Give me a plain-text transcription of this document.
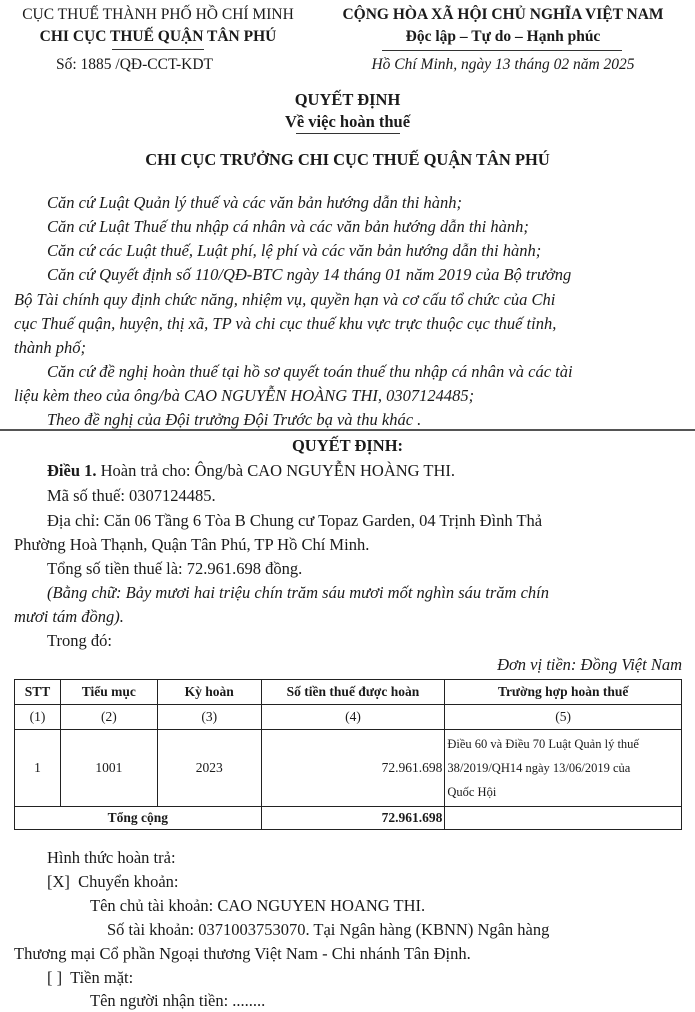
CỤC THUẾ THÀNH PHỐ HỒ CHÍ MINH
CHI CỤC THUẾ QUẬN TÂN PHÚ
Số: 1885 /QĐ-CCT-KDT
CỘNG HÒA XÃ HỘI CHỦ NGHĨA VIỆT NAM
Độc lập – Tự do – Hạnh phúc
Hồ Chí Minh, ngày 13 tháng 02 năm 2025
QUYẾT ĐỊNH
Về việc hoàn thuế
CHI CỤC TRƯỞNG CHI CỤC THUẾ QUẬN TÂN PHÚ
Căn cứ Luật Quản lý thuế và các văn bản hướng dẫn thi hành;
Căn cứ Luật Thuế thu nhập cá nhân và các văn bản hướng dẫn thi hành;
Căn cứ các Luật thuế, Luật phí, lệ phí và các văn bản hướng dẫn thi hành;
Căn cứ Quyết định số 110/QĐ-BTC ngày 14 tháng 01 năm 2019 của Bộ trưởng
Bộ Tài chính quy định chức năng, nhiệm vụ, quyền hạn và cơ cấu tổ chức của Chi
cục Thuế quận, huyện, thị xã, TP và chi cục thuế khu vực trực thuộc cục thuế tỉnh,
thành phố;
Căn cứ đề nghị hoàn thuế tại hồ sơ quyết toán thuế thu nhập cá nhân và các tài
liệu kèm theo của ông/bà CAO NGUYỄN HOÀNG THI, 0307124485;
Theo đề nghị của Đội trưởng Đội Trước bạ và thu khác .
QUYẾT ĐỊNH:
Điều 1. Hoàn trả cho: Ông/bà CAO NGUYỄN HOÀNG THI.
Mã số thuế: 0307124485.
Địa chỉ: Căn 06 Tầng 6 Tòa B Chung cư Topaz Garden, 04 Trịnh Đình Thả
Phường Hoà Thạnh, Quận Tân Phú, TP Hồ Chí Minh.
Tổng số tiền thuế là: 72.961.698 đồng.
(Bằng chữ: Bảy mươi hai triệu chín trăm sáu mươi mốt nghìn sáu trăm chín
mươi tám đồng).
Trong đó:
Đơn vị tiền: Đồng Việt Nam
STT	Tiểu mục	Kỳ hoàn	Số tiền thuế được hoàn	Trường hợp hoàn thuế
(1)	(2)	(3)	(4)	(5)
1	1001	2023	72.961.698	Điều 60 và Điều 70 Luật Quản lý thuế
38/2019/QH14 ngày 13/06/2019 của
Quốc Hội

Tổng cộng			72.961.698	
Hình thức hoàn trả:
[X] Chuyển khoản:
Tên chủ tài khoản: CAO NGUYEN HOANG THI.
Số tài khoản: 0371003753070. Tại Ngân hàng (KBNN) Ngân hàng
Thương mại Cổ phần Ngoại thương Việt Nam - Chi nhánh Tân Định.
[ ] Tiền mặt:
Tên người nhận tiền: ........
